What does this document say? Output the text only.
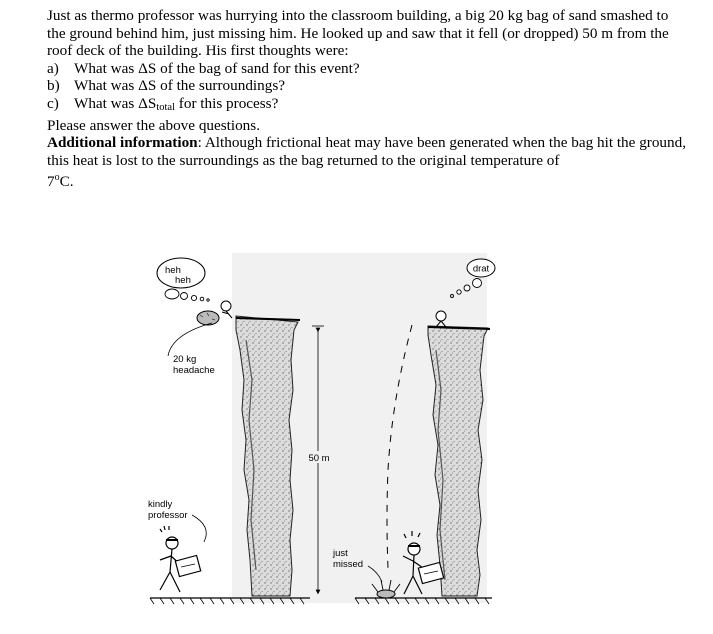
Just as thermo professor was hurrying into the classroom building, a big 20 kg bag of sand smashed to the ground behind him, just missing him. He looked up and saw that it fell (or dropped) 50 m from the roof deck of the building. His first thoughts were:

a) What was ΔS of the bag of sand for this event?

b) What was ΔS of the surroundings?

c) What was $\Delta S_{total}$ for this process?

Please answer the above questions.

Additional information: Although frictional heat may have been generated when the bag hit the ground, this heat is lost to the surroundings as the bag returned to the original temperature of
7$^o$C.

50 m
heh
heh
20 kg
headache
kindly
professor
just
missed
drat
